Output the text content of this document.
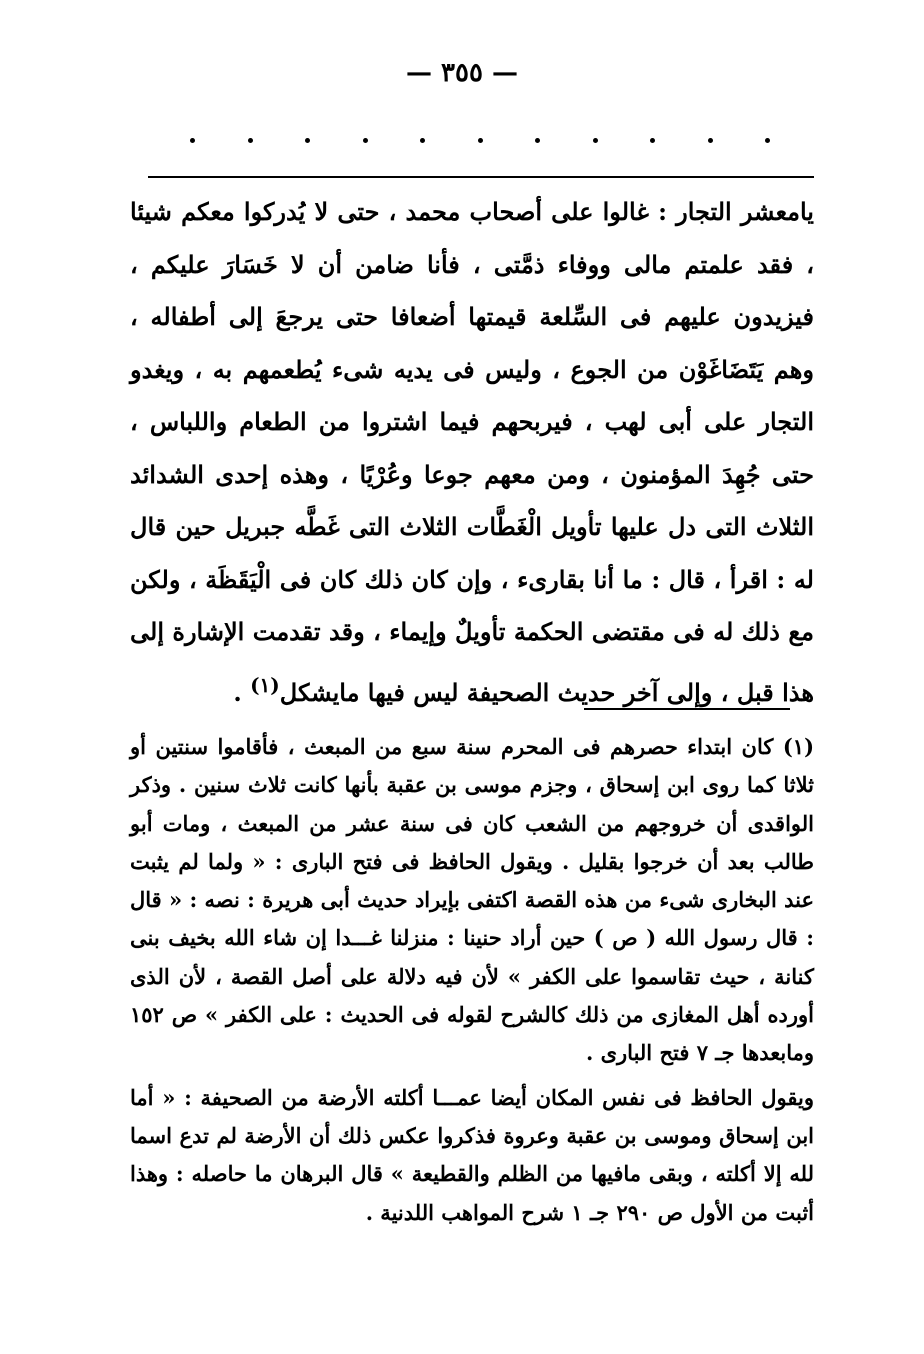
— ٣٥٥ —

يامعشر التجار : غالوا على أصحاب محمد ، حتى لا يُدركوا معكم شيئا ، فقد علمتم مالى ووفاء ذمَّتى ، فأنا ضامن أن لا خَسَارَ عليكم ، فيزيدون عليهم فى السِّلعة قيمتها أضعافا حتى يرجعَ إلى أطفاله ، وهم يَتَضَاغَوْن من الجوع ، وليس فى يديه شىء يُطعمهم به ، ويغدو التجار على أبى لهب ، فيربحهم فيما اشتروا من الطعام واللباس ، حتى جُهِدَ المؤمنون ، ومن معهم جوعا وعُرْيًا ، وهذه إحدى الشدائد الثلاث التى دل عليها تأويل الْغَطَّات الثلاث التى غَطَّه جبريل حين قال له : اقرأ ، قال : ما أنا بقارىء ، وإن كان ذلك كان فى الْيَقَظَة ، ولكن مع ذلك له فى مقتضى الحكمة تأويلٌ وإيماء ، وقد تقدمت الإشارة إلى هذا قبل ، وإلى آخر حديث الصحيفة ليس فيها مايشكل$^{(١)}$ .

(١) كان ابتداء حصرهم فى المحرم سنة سبع من المبعث ، فأقاموا سنتين أو ثلاثا كما روى ابن إسحاق ، وجزم موسى بن عقبة بأنها كانت ثلاث سنين . وذكر الواقدى أن خروجهم من الشعب كان فى سنة عشر من المبعث ، ومات أبو طالب بعد أن خرجوا بقليل . ويقول الحافظ فى فتح البارى : « ولما لم يثبت عند البخارى شىء من هذه القصة اكتفى بإيراد حديث أبى هريرة : نصه : « قال : قال رسول الله ( ص ) حين أراد حنينا : منزلنا غـــدا إن شاء الله بخيف بنى كنانة ، حيث تقاسموا على الكفر » لأن فيه دلالة على أصل القصة ، لأن الذى أورده أهل المغازى من ذلك كالشرح لقوله فى الحديث : على الكفر » ص ١٥٢ ومابعدها جـ ٧ فتح البارى .

ويقول الحافظ فى نفس المكان أيضا عمـــا أكلته الأرضة من الصحيفة : « أما ابن إسحاق وموسى بن عقبة وعروة فذكروا عكس ذلك أن الأرضة لم تدع اسما لله إلا أكلته ، وبقى مافيها من الظلم والقطيعة » قال البرهان ما حاصله : وهذا أثبت من الأول ص ٢٩٠ جـ ١ شرح المواهب اللدنية .
